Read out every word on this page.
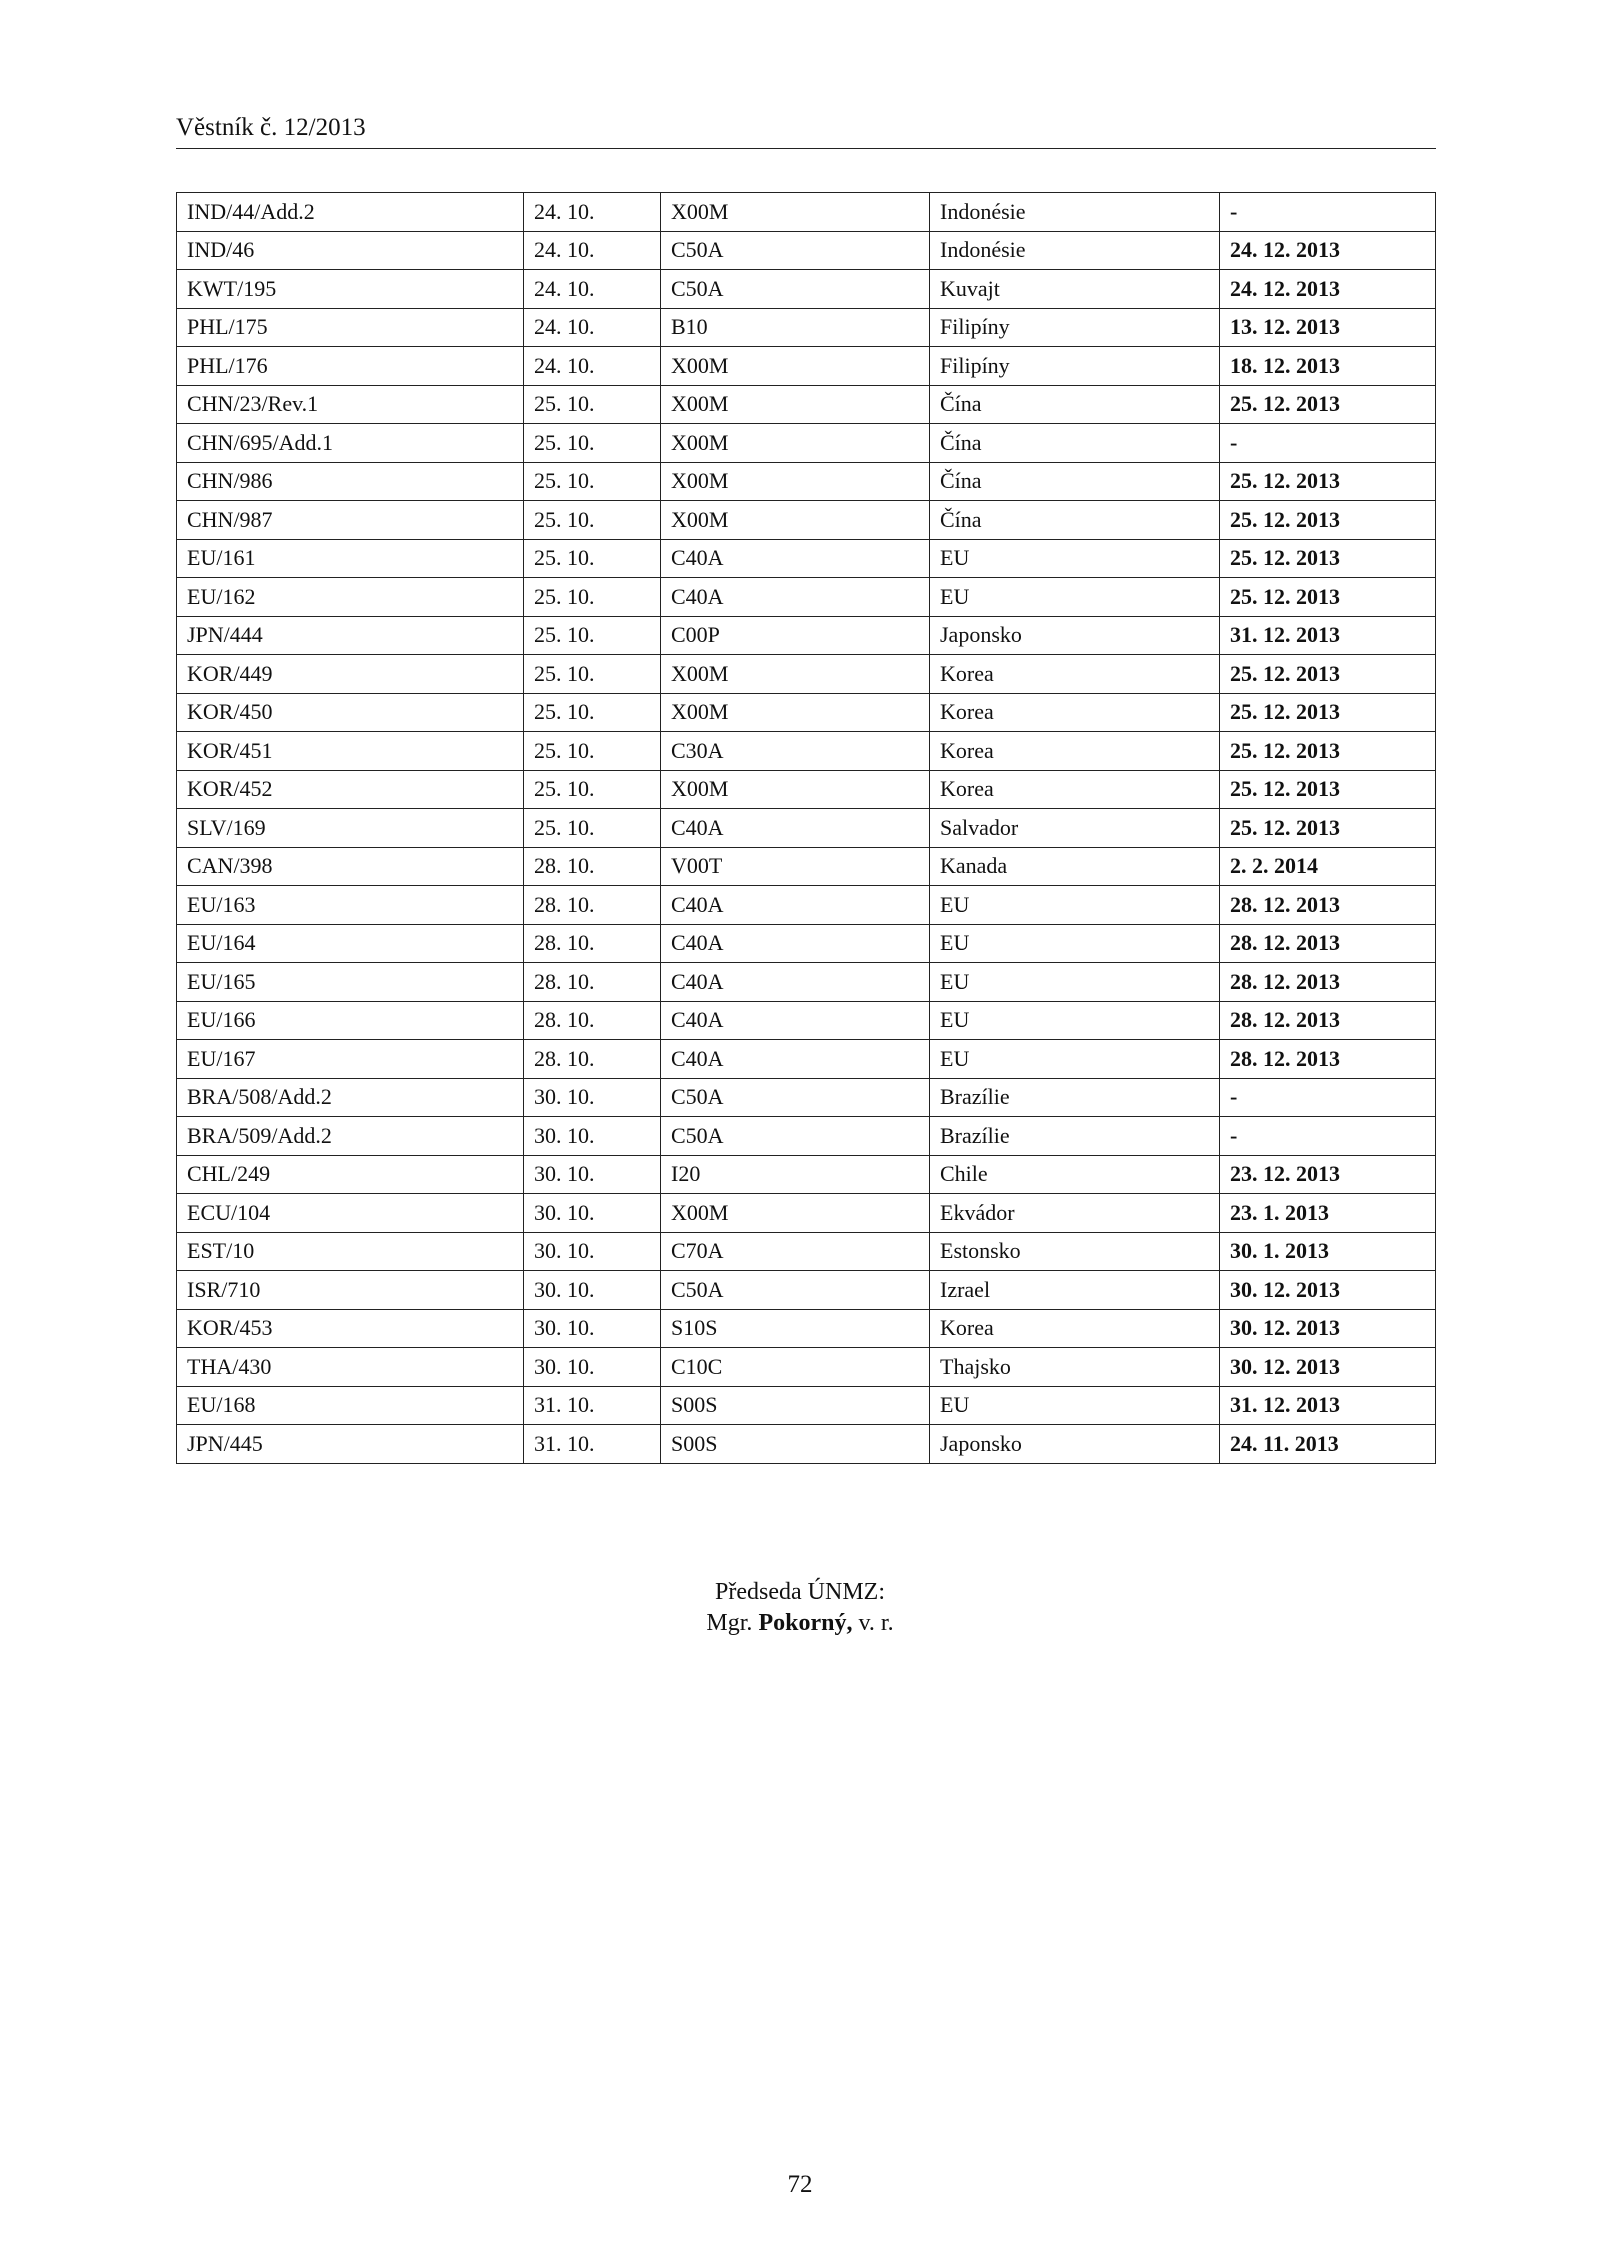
Věstník č. 12/2013
IND/44/Add.2	24. 10.	X00M	Indonésie	-
IND/46	24. 10.	C50A	Indonésie	24. 12. 2013
KWT/195	24. 10.	C50A	Kuvajt	24. 12. 2013
PHL/175	24. 10.	B10	Filipíny	13. 12. 2013
PHL/176	24. 10.	X00M	Filipíny	18. 12. 2013
CHN/23/Rev.1	25. 10.	X00M	Čína	25. 12. 2013
CHN/695/Add.1	25. 10.	X00M	Čína	-
CHN/986	25. 10.	X00M	Čína	25. 12. 2013
CHN/987	25. 10.	X00M	Čína	25. 12. 2013
EU/161	25. 10.	C40A	EU	25. 12. 2013
EU/162	25. 10.	C40A	EU	25. 12. 2013
JPN/444	25. 10.	C00P	Japonsko	31. 12. 2013
KOR/449	25. 10.	X00M	Korea	25. 12. 2013
KOR/450	25. 10.	X00M	Korea	25. 12. 2013
KOR/451	25. 10.	C30A	Korea	25. 12. 2013
KOR/452	25. 10.	X00M	Korea	25. 12. 2013
SLV/169	25. 10.	C40A	Salvador	25. 12. 2013
CAN/398	28. 10.	V00T	Kanada	2. 2. 2014
EU/163	28. 10.	C40A	EU	28. 12. 2013
EU/164	28. 10.	C40A	EU	28. 12. 2013
EU/165	28. 10.	C40A	EU	28. 12. 2013
EU/166	28. 10.	C40A	EU	28. 12. 2013
EU/167	28. 10.	C40A	EU	28. 12. 2013
BRA/508/Add.2	30. 10.	C50A	Brazílie	-
BRA/509/Add.2	30. 10.	C50A	Brazílie	-
CHL/249	30. 10.	I20	Chile	23. 12. 2013
ECU/104	30. 10.	X00M	Ekvádor	23. 1. 2013
EST/10	30. 10.	C70A	Estonsko	30. 1. 2013
ISR/710	30. 10.	C50A	Izrael	30. 12. 2013
KOR/453	30. 10.	S10S	Korea	30. 12. 2013
THA/430	30. 10.	C10C	Thajsko	30. 12. 2013
EU/168	31. 10.	S00S	EU	31. 12. 2013
JPN/445	31. 10.	S00S	Japonsko	24. 11. 2013
Předseda ÚNMZ:
Mgr. Pokorný, v. r.
72
